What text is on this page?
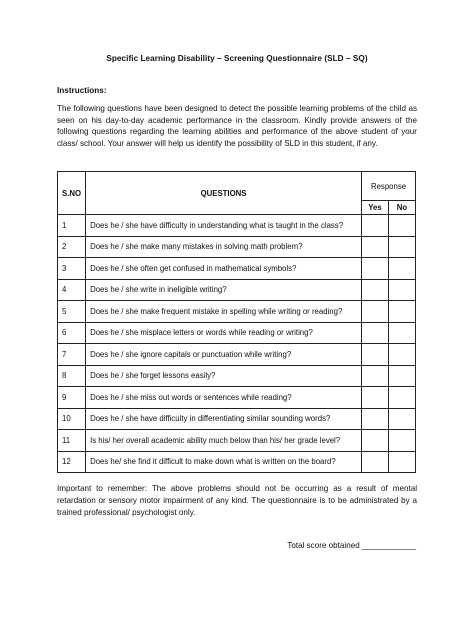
Specific Learning Disability – Screening Questionnaire (SLD – SQ)
Instructions:
The following questions have been designed to detect the possible learning problems of the child as seen on his day-to-day academic performance in the classroom. Kindly provide answers of the following questions regarding the learning abilities and performance of the above student of your class/ school. Your answer will help us identify the possibility of SLD in this student, if any.
S.NO	QUESTIONS	Response	
		Yes	No
1	Does he / she have difficulty in understanding what is taught in the class?		
2	Does he / she make many mistakes in solving math problem?		
3	Does he / she often get confused in mathematical symbols?		
4	Does he / she write in ineligible writing?		
5	Does he / she make frequent mistake in spelling while writing or reading?		
6	Does he / she misplace letters or words while reading or writing?		
7	Does he / she ignore capitals or punctuation while writing?		
8	Does he / she forget lessons easily?		
9	Does he / she miss out words or sentences while reading?		
10	Does he / she have difficulty in differentiating similar sounding words?		
11	Is his/ her overall academic ability much below than his/ her grade level?		
12	Does he/ she find it difficult to make down what is written on the board?		
Important to remember: The above problems should not be occurring as a result of mental retardation or sensory motor impairment of any kind. The questionnaire is to be administrated by a trained professional/ psychologist only.
Total score obtained ____________
